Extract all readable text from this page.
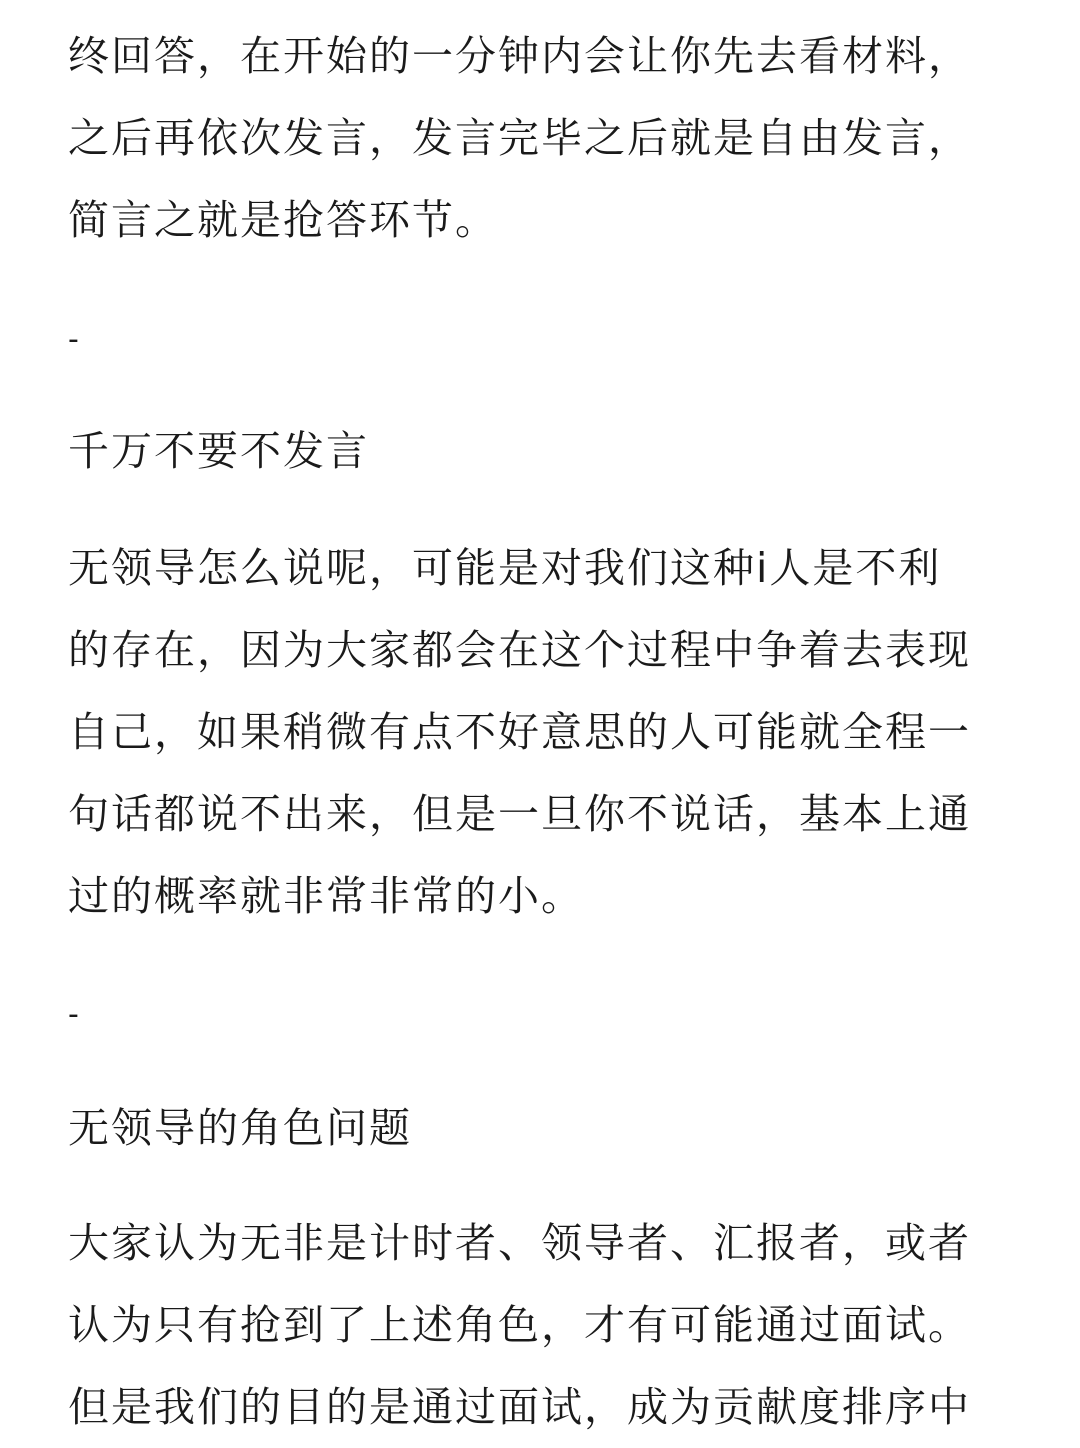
终回答，在开始的一分钟内会让你先去看材料，
之后再依次发言，发言完毕之后就是自由发言，
简言之就是抢答环节。
-
千万不要不发言
无领导怎么说呢，可能是对我们这种i人是不利
的存在，因为大家都会在这个过程中争着去表现
自己，如果稍微有点不好意思的人可能就全程一
句话都说不出来，但是一旦你不说话，基本上通
过的概率就非常非常的小。
-
无领导的角色问题
大家认为无非是计时者、领导者、汇报者，或者
认为只有抢到了上述角色，才有可能通过面试。
但是我们的目的是通过面试，成为贡献度排序中
